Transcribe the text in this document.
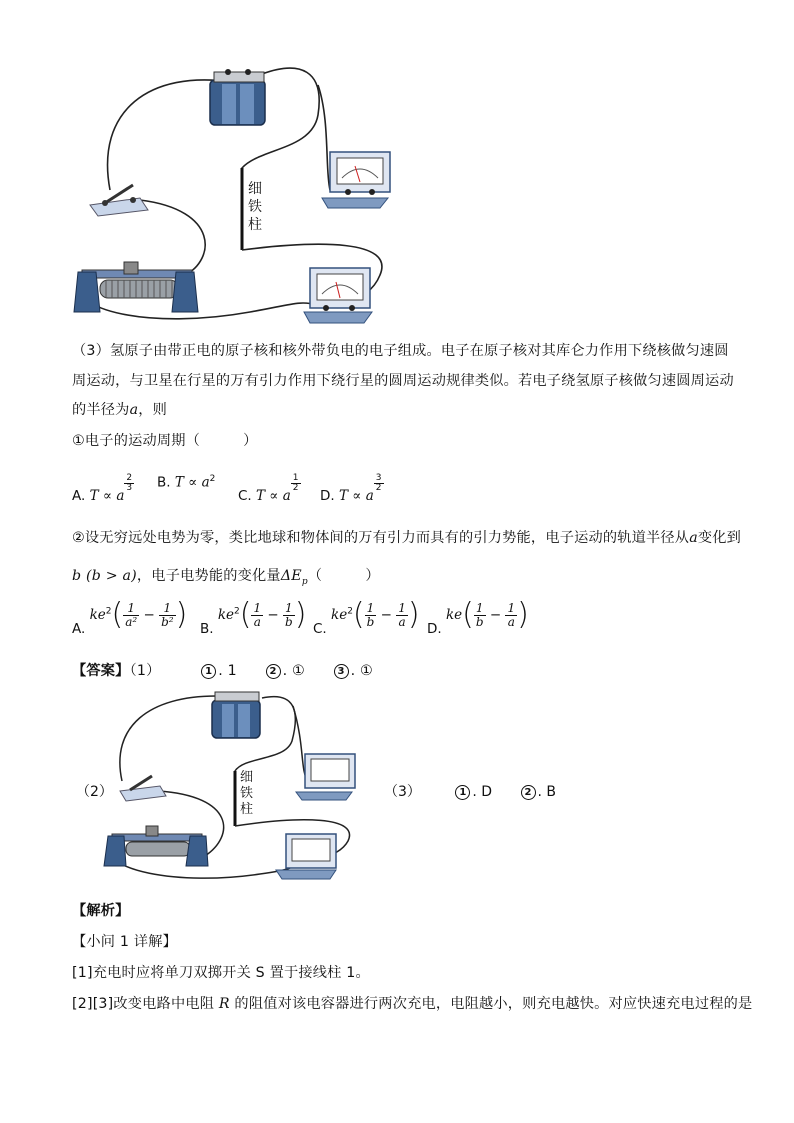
细
铁
柱
（3）氢原子由带正电的原子核和核外带负电的电子组成。电子在原子核对其库仑力作用下绕核做匀速圆
周运动，与卫星在行星的万有引力作用下绕行星的圆周运动规律类似。若电子绕氢原子核做匀速圆周运动
的半径为a，则
①电子的运动周期（　　　）
A. T ∝ a
$^{\frac{2}{3}}$ B. $T \propto a^2$
C. T ∝ a
$^{\frac{1}{2}}$
D. T ∝ a
$^{\frac{3}{2}}$
②设无穷远处电势为零，类比地球和物体间的万有引力而具有的引力势能，电子运动的轨道半径从a变化到
b (b > a)，电子电势能的变化量$\Delta E_p$（　　　）
A. $ke^2( \frac{1}{\text{a²}} - \frac{1}{\text{b²}}$ ) B. $ke^2( \frac{1}{a} - \frac{1}{b}$ ) C. $ke^2( \frac{1}{b} - \frac{1}{a}$ ) D. $ke( \frac{1}{b} - \frac{1}{a}$ )
【答案】（1）	1 . 1	2 . ①	3 . ①
细
铁
柱
（2）	（3）	1 . D	2 . B
【解析】
【小问 1 详解】
[1]充电时应将单刀双掷开关 S 置于接线柱 1。
[2][3]改变电路中电阻 R 的阻值对该电容器进行两次充电，电阻越小，则充电越快。对应快速充电过程的是
